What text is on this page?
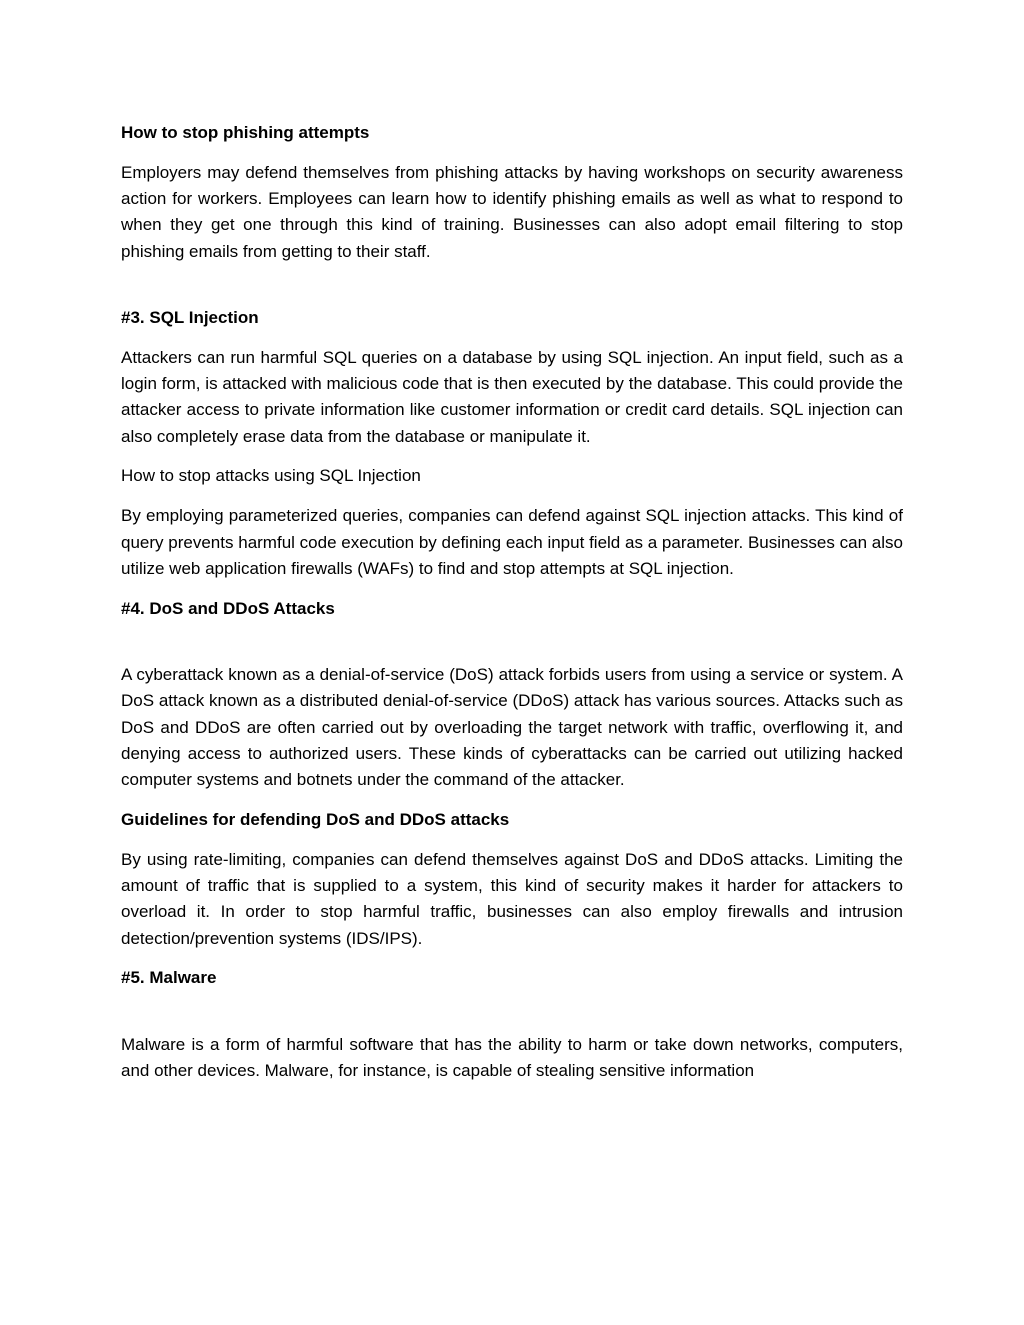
How to stop phishing attempts

Employers may defend themselves from phishing attacks by having workshops on security awareness action for workers. Employees can learn how to identify phishing emails as well as what to respond to when they get one through this kind of training. Businesses can also adopt email filtering to stop phishing emails from getting to their staff.

#3. SQL Injection

Attackers can run harmful SQL queries on a database by using SQL injection. An input field, such as a login form, is attacked with malicious code that is then executed by the database. This could provide the attacker access to private information like customer information or credit card details. SQL injection can also completely erase data from the database or manipulate it.

How to stop attacks using SQL Injection

By employing parameterized queries, companies can defend against SQL injection attacks. This kind of query prevents harmful code execution by defining each input field as a parameter. Businesses can also utilize web application firewalls (WAFs) to find and stop attempts at SQL injection.

#4. DoS and DDoS Attacks

A cyberattack known as a denial-of-service (DoS) attack forbids users from using a service or system. A DoS attack known as a distributed denial-of-service (DDoS) attack has various sources. Attacks such as DoS and DDoS are often carried out by overloading the target network with traffic, overflowing it, and denying access to authorized users. These kinds of cyberattacks can be carried out utilizing hacked computer systems and botnets under the command of the attacker.

Guidelines for defending DoS and DDoS attacks

By using rate-limiting, companies can defend themselves against DoS and DDoS attacks. Limiting the amount of traffic that is supplied to a system, this kind of security makes it harder for attackers to overload it. In order to stop harmful traffic, businesses can also employ firewalls and intrusion detection/prevention systems (IDS/IPS).

#5. Malware

Malware is a form of harmful software that has the ability to harm or take down networks, computers, and other devices. Malware, for instance, is capable of stealing sensitive information
